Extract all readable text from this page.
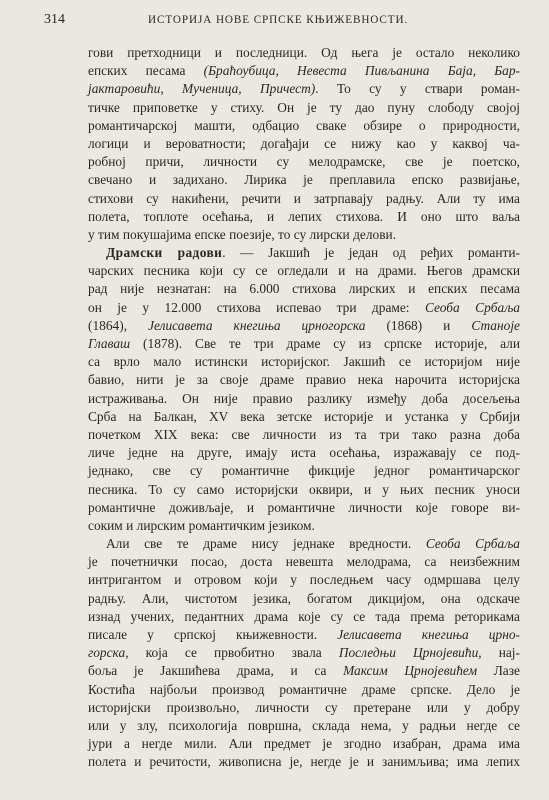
314	ИСТОРИЈА НОВЕ СРПСКЕ КЊИЖЕВНОСТИ.
гови претходници и последници. Од њега је остало неколико
епских песама (Браћоубица, Невеста Пивљанина Баја, Бар-
јактаровићи, Мученица, Причест). То су у ствари роман-
тичке приповетке у стиху. Он је ту дао пуну слободу својој
романтичарској машти, одбацио сваке обзире о природности,
логици и вероватности; догађаји се нижу као у каквој ча-
робној причи, личности су мелодрамске, све је поетско,
свечано и задихано. Лирика је преплавила епско развијање,
стихови су накићени, речити и затрпавају радњу. Али ту има
полета, топлоте осећања, и лепих стихова. И оно што ваља
у тим покушајима епске поезије, то су лирски делови.
Драмски радови. — Јакшић је један од ређих романти-
чарских песника који су се огледали и на драми. Његов драмски
рад није незнатан: на 6.000 стихова лирских и епских песама
он је у 12.000 стихова испевао три драме: Сеоба Србаља
(1864), Јелисавета кнегиња црногорска (1868) и Станоје
Главаш (1878). Све те три драме су из српске историје, али
са врло мало истински историјског. Јакшић се историјом није
бавио, нити је за своје драме правио нека нарочита историјска
истраживања. Он није правио разлику између доба досељења
Срба на Балкан, XV века зетске историје и устанка у Србији
почетком XIX века: све личности из та три тако разна доба
личе једне на друге, имају иста осећања, изражавају се под-
једнако, све су романтичне фикције једног романтичарског
песника. То су само историјски оквири, и у њих песник уноси
романтичне доживљаје, и романтичне личности које говоре ви-
соким и лирским романтичким језиком.
Али све те драме нису једнаке вредности. Сеоба Србаља
је почетнички посао, доста невешта мелодрама, са неизбежним
интригантом и отровом који у последњем часу одмршава целу
радњу. Али, чистотом језика, богатом дикцијом, она одскаче
изнад учених, педантних драма које су се тада према реторикама
писале у српској књижевности. Јелисавета кнегиња црно-
горска, која се првобитно звала Последњи Црнојевићи, нај-
боља је Јакшићева драма, и са Максим Црнојевићем Лазе
Костића најбољи производ романтичне драме српске. Дело је
историјски произвољно, личности су претеране или у добру
или у злу, психологија површна, склада нема, у радњи негде се
јури а негде мили. Али предмет је згодно изабран, драма има
полета и речитости, живописна је, негде је и занимљива; има лепих
